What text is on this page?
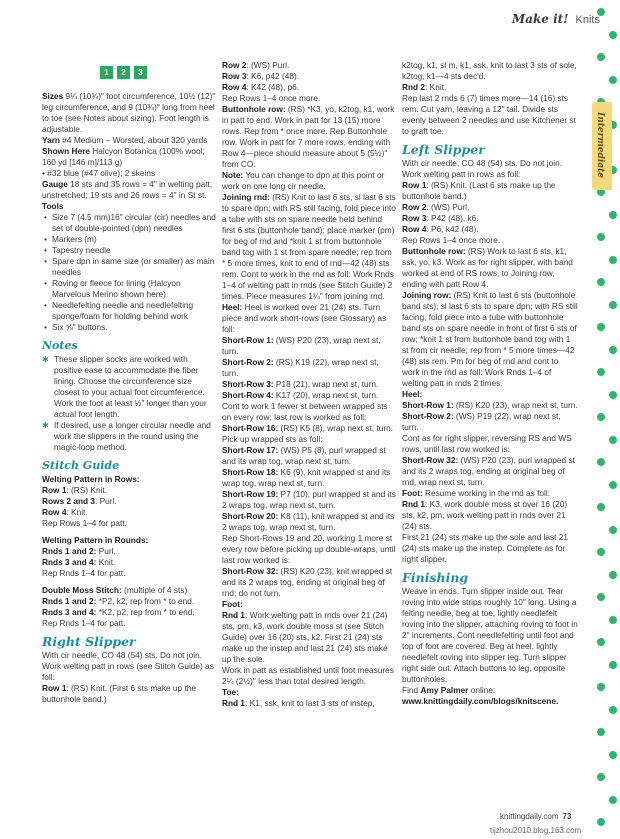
Make it! Knits
Intermediate
1	2	3

Sizes 9¼ (10¾)" foot circumference, 10½ (12)" leg circumference, and 9 (10¾)" long from heel to toe (see Notes about sizing). Foot length is adjustable.

Yarn #4 Medium – Worsted, about 320 yards

Shown Here Halcyon Botanica (100% wool; 160 yd [146 m]/113 g)

• #32 blue (#47 olive); 2 skeins

Gauge 18 sts and 35 rows = 4" in welting patt, unstretched; 19 sts and 26 rows = 4" in St st.

Tools

• Size 7 (4.5 mm)16" circular (cir) needles and set of double-pointed (dpn) needles

• Markers (m)

• Tapestry needle

• Spare dpn in same size (or smaller) as main needles

• Roving or fleece for lining (Halcyon Marvelous Merino shown here)

• Needlefelting needle and needlefelting sponge/foam for holding behind work

• Six ⅝" buttons.

Notes

✱ These slipper socks are worked with positive ease to accommodate the fiber lining. Choose the circumference size closest to your actual foot circumference. Work the foot at least ½" longer than your actual foot length.

✱ If desired, use a longer circular needle and work the slippers in the round using the magic-loop method.

Stitch Guide

Welting Pattern in Rows:

Row 1: (RS) Knit.

Rows 2 and 3: Purl.

Row 4: Knit.

Rep Rows 1–4 for patt.

Welting Pattern in Rounds:

Rnds 1 and 2: Purl.

Rnds 3 and 4: Knit.

Rep Rnds 1–4 for patt.

Double Moss Stitch: (multiple of 4 sts)

Rnds 1 and 2: *P2, k2; rep from * to end.

Rnds 3 and 4: *K2, p2; rep from * to end.

Rep Rnds 1–4 for patt.

Right Slipper

With cir needle, CO 48 (54) sts. Do not join. Work welting patt in rows (see Stitch Guide) as foll:

Row 1: (RS) Knit. (First 6 sts make up the buttonhole band.)

Row 2: (WS) Purl.

Row 3: K6, p42 (48).

Row 4: K42 (48), p6.

Rep Rows 1–4 once more.

Buttonhole row: (RS) *K3, yo, k2tog, k1, work in patt to end. Work in patt for 13 (15) more rows. Rep from * once more. Rep Buttonhole row. Work in patt for 7 more rows, ending with Row 4—piece should measure about 5 (5½)" from CO.

Note: You can change to dpn at this point or work on one long cir needle.

Joining rnd: (RS) Knit to last 6 sts, sl last 6 sts to spare dpn; with RS still facing, fold piece into a tube with sts on spare needle held behind first 6 sts (buttonhole band); place marker (pm) for beg of rnd and *knit 1 st from buttonhole band tog with 1 st from spare needle; rep from * 5 more times, knit to end of rnd—42 (48) sts rem. Cont to work in the rnd as foll: Work Rnds 1–4 of welting patt in rnds (see Stitch Guide) 2 times. Piece measures 1¼" from joining rnd.

Heel: Heel is worked over 21 (24) sts. Turn piece and work short-rows (see Glossary) as foll:

Short-Row 1: (WS) P20 (23), wrap next st, turn.

Short-Row 2: (RS) K19 (22), wrap next st, turn.

Short-Row 3: P18 (21), wrap next st, turn.

Short-Row 4: K17 (20), wrap next st, turn.

Cont to work 1 fewer st between wrapped sts on every row; last row is worked as foll:

Short-Row 16: (RS) K5 (8), wrap next st, turn.

Pick up wrapped sts as foll:

Short-Row 17: (WS) P5 (8), purl wrapped st and its wrap tog, wrap next st, turn.

Short-Row 18: K6 (9), knit wrapped st and its wrap tog, wrap next st, turn.

Short-Row 19: P7 (10), purl wrapped st and its 2 wraps tog, wrap next st, turn.

Short-Row 20: K8 (11), knit wrapped st and its 2 wraps tog, wrap next st, turn.

Rep Short-Rows 19 and 20, working 1 more st every row before picking up double-wraps, until last row worked is:

Short-Row 32: (RS) K20 (23), knit wrapped st and its 2 wraps tog, ending at original beg of rnd; do not turn.

Foot:

Rnd 1: Work welting patt in rnds over 21 (24) sts, pm, k3, work double moss st (see Stitch Guide) over 16 (20) sts, k2. First 21 (24) sts make up the instep and last 21 (24) sts make up the sole.

Work in patt as established until foot measures 2¼ (2½)" less than total desired length.

Toe:

Rnd 1: K1, ssk, knit to last 3 sts of instep,

k2tog, k1, sl m, k1, ssk, knit to last 3 sts of sole, k2tog, k1—4 sts dec'd.

Rnd 2: Knit.

Rep last 2 rnds 6 (7) times more—14 (16) sts rem. Cut yarn, leaving a 12" tail. Divide sts evenly between 2 needles and use Kitchener st to graft toe.

Left Slipper

With cir needle, CO 48 (54) sts. Do not join. Work welting patt in rows as foll:

Row 1: (RS) Knit. (Last 6 sts make up the buttonhole band.)

Row 2: (WS) Purl.

Row 3: P42 (48), k6.

Row 4: P6, k42 (48).

Rep Rows 1–4 once more.

Buttonhole row: (RS) Work to last 6 sts, k1, ssk, yo, k3. Work as for right slipper, with band worked at end of RS rows, to Joining row, ending with patt Row 4.

Joining row: (RS) Knit to last 6 sts (buttonhole band sts); sl last 6 sts to spare dpn; with RS still facing, fold piece into a tube with buttonhole band sts on spare needle in front of first 6 sts of row; *knit 1 st from buttonhole band tog with 1 st from cir needle; rep from * 5 more times—42 (48) sts rem. Pm for beg of rnd and cont to work in the rnd as foll: Work Rnds 1–4 of welting patt in rnds 2 times.

Heel:

Short-Row 1: (RS) K20 (23), wrap next st, turn.

Short-Row 2: (WS) P19 (22), wrap next st, turn.

Cont as for right slipper, reversing RS and WS rows, until last row worked is:

Short-Row 32: (WS) P20 (23), purl wrapped st and its 2 wraps tog, ending at original beg of rnd, wrap next st, turn.

Foot: Resume working in the rnd as foll:

Rnd 1: K3, work double moss st over 16 (20) sts, k2, pm, work welting patt in rnds over 21 (24) sts.

First 21 (24) sts make up the sole and last 21 (24) sts make up the instep. Complete as for right slipper.

Finishing

Weave in ends. Turn slipper inside out. Tear roving into wide strips roughly 10" long. Using a felting needle, beg at toe, lightly needlefelt roving into the slipper, attaching roving to foot in 2" increments. Cont needlefelting until foot and top of foot are covered. Beg at heel, lightly needlefelt roving into slipper leg. Turn slipper right side out. Attach buttons to leg, opposite buttonholes.

Find Amy Palmer online:

www.knittingdaily.com/blogs/knitscene.

knittingdaily.com 73
tijzhou2010.blog.163.com
